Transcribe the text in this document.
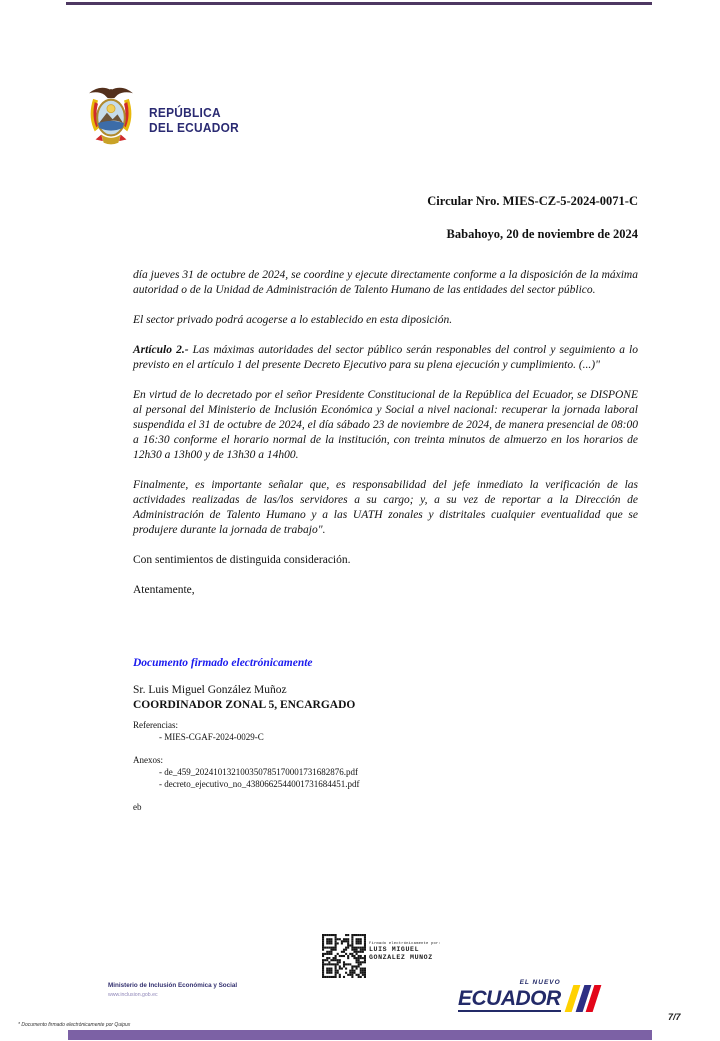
REPÚBLICA
DEL ECUADOR
Circular Nro. MIES-CZ-5-2024-0071-C
Babahoyo, 20 de noviembre de 2024

día jueves 31 de octubre de 2024, se coordine y ejecute directamente conforme a la disposición de la máxima autoridad o de la Unidad de Administración de Talento Humano de las entidades del sector público.

El sector privado podrá acogerse a lo establecido en esta diposición.

Artículo 2.- Las máximas autoridades del sector público serán responables del control y seguimiento a lo previsto en el artículo 1 del presente Decreto Ejecutivo para su plena ejecución y cumplimiento. (...)"

En virtud de lo decretado por el señor Presidente Constitucional de la República del Ecuador, se DISPONE al personal del Ministerio de Inclusión Económica y Social a nivel nacional: recuperar la jornada laboral suspendida el 31 de octubre de 2024, el día sábado 23 de noviembre de 2024, de manera presencial de 08:00 a 16:30 conforme el horario normal de la institución, con treinta minutos de almuerzo en los horarios de 12h30 a 13h00 y de 13h30 a 14h00.

Finalmente, es importante señalar que, es responsabilidad del jefe inmediato la verificación de las actividades realizadas de las/los servidores a su cargo; y, a su vez de reportar a la Dirección de Administración de Talento Humano y a las UATH zonales y distritales cualquier eventualidad que se produjere durante la jornada de trabajo".

Con sentimientos de distinguida consideración.

Atentamente,

Documento firmado electrónicamente
Sr. Luis Miguel González Muñoz
COORDINADOR ZONAL 5, ENCARGADO
Referencias:
- MIES-CGAF-2024-0029-C
Anexos:
- de_459_202410132100350785170001731682876.pdf
- decreto_ejecutivo_no_4380662544001731684451.pdf
eb
Firmado electrónicamente por:
LUIS MIGUEL
GONZALEZ MUNOZ
Ministerio de Inclusión Económica y Social
www.inclusion.gob.ec
EL NUEVO
ECUADOR
* Documento firmado electrónicamente por Quipux
7/7
